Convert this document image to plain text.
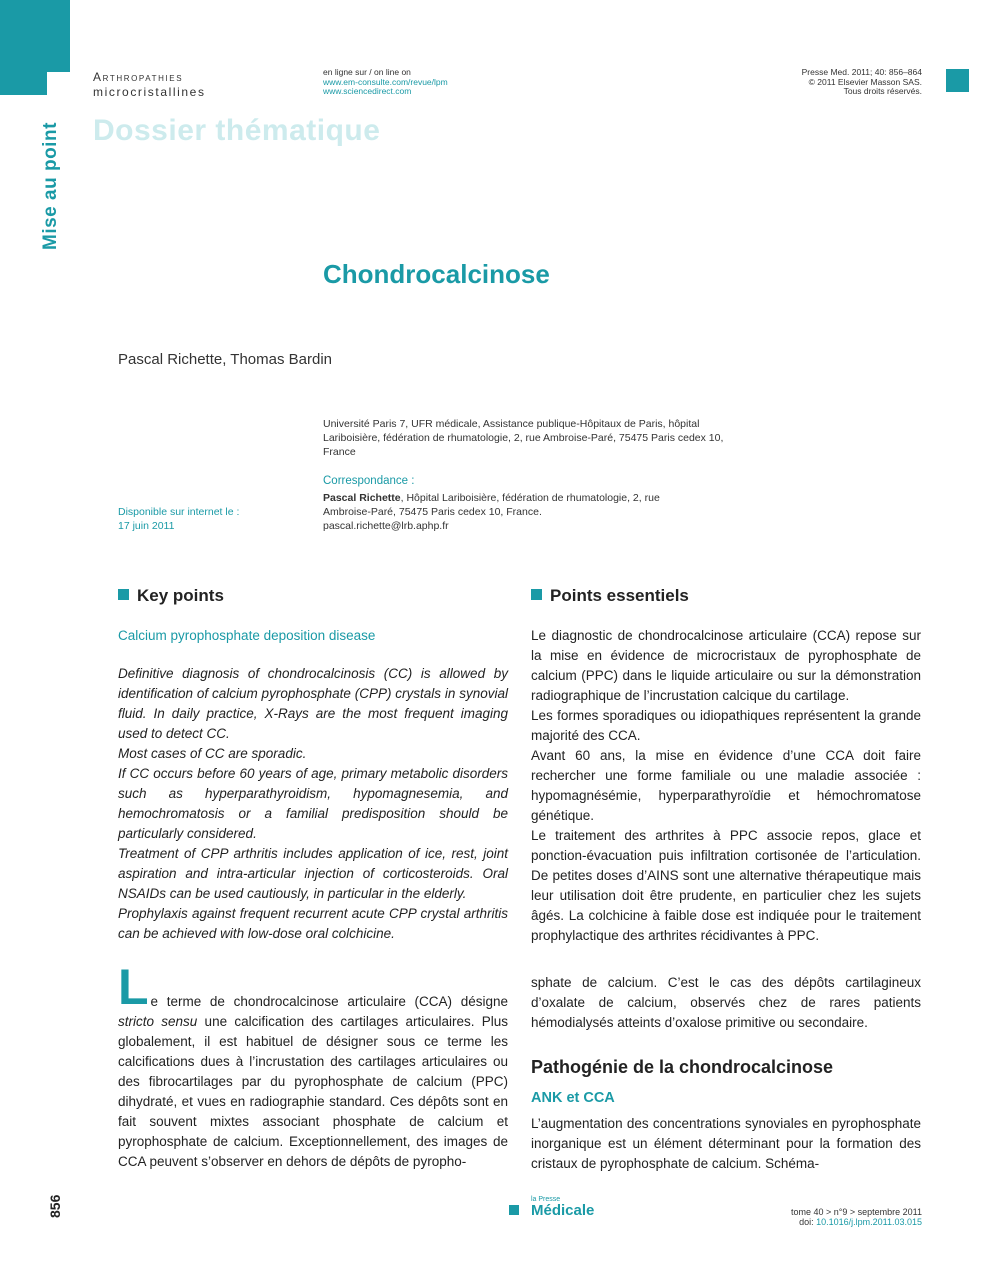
Arthropathies
microcristallines
en ligne sur / on line on
www.em-consulte.com/revue/lpm
www.sciencedirect.com
Presse Med. 2011; 40: 856–864
© 2011 Elsevier Masson SAS.
Tous droits réservés.
Dossier thématique
Mise au point
Chondrocalcinose
Pascal Richette, Thomas Bardin
Université Paris 7, UFR médicale, Assistance publique-Hôpitaux de Paris, hôpital Lariboisière, fédération de rhumatologie, 2, rue Ambroise-Paré, 75475 Paris cedex 10, France
Correspondance :
Pascal Richette, Hôpital Lariboisière, fédération de rhumatologie, 2, rue Ambroise-Paré, 75475 Paris cedex 10, France.
pascal.richette@lrb.aphp.fr
Disponible sur internet le :
17 juin 2011
Key points
Calcium pyrophosphate deposition disease

Definitive diagnosis of chondrocalcinosis (CC) is allowed by identification of calcium pyrophosphate (CPP) crystals in synovial fluid. In daily practice, X-Rays are the most frequent imaging used to detect CC.

Most cases of CC are sporadic.

If CC occurs before 60 years of age, primary metabolic disorders such as hyperparathyroidism, hypomagnesemia, and hemochromatosis or a familial predisposition should be particularly considered.

Treatment of CPP arthritis includes application of ice, rest, joint aspiration and intra-articular injection of corticosteroids. Oral NSAIDs can be used cautiously, in particular in the elderly.

Prophylaxis against frequent recurrent acute CPP crystal arthritis can be achieved with low-dose oral colchicine.

Points essentiels

Le diagnostic de chondrocalcinose articulaire (CCA) repose sur la mise en évidence de microcristaux de pyrophosphate de calcium (PPC) dans le liquide articulaire ou sur la démonstration radiographique de l’incrustation calcique du cartilage.

Les formes sporadiques ou idiopathiques représentent la grande majorité des CCA.

Avant 60 ans, la mise en évidence d’une CCA doit faire rechercher une forme familiale ou une maladie associée : hypomagnésémie, hyperparathyroïdie et hémochromatose génétique.

Le traitement des arthrites à PPC associe repos, glace et ponction-évacuation puis infiltration cortisonée de l’articulation. De petites doses d’AINS sont une alternative thérapeutique mais leur utilisation doit être prudente, en particulier chez les sujets âgés. La colchicine à faible dose est indiquée pour le traitement prophylactique des arthrites récidivantes à PPC.

L e terme de chondrocalcinose articulaire (CCA) désigne stricto sensu une calcification des cartilages articulaires. Plus globalement, il est habituel de désigner sous ce terme les calcifications dues à l’incrustation des cartilages articulaires ou des fibrocartilages par du pyrophosphate de calcium (PPC) dihydraté, et vues en radiographie standard. Ces dépôts sont en fait souvent mixtes associant phosphate de calcium et pyrophosphate de calcium. Exceptionnellement, des images de CCA peuvent s’observer en dehors de dépôts de pyropho-
sphate de calcium. C’est le cas des dépôts cartilagineux d’oxalate de calcium, observés chez de rares patients hémodialysés atteints d’oxalose primitive ou secondaire.
Pathogénie de la chondrocalcinose
ANK et CCA
L’augmentation des concentrations synoviales en pyrophosphate inorganique est un élément déterminant pour la formation des cristaux de pyrophosphate de calcium. Schéma-
856	la Presse
Médicale	tome 40 > n°9 > septembre 2011
doi: 10.1016/j.lpm.2011.03.015
